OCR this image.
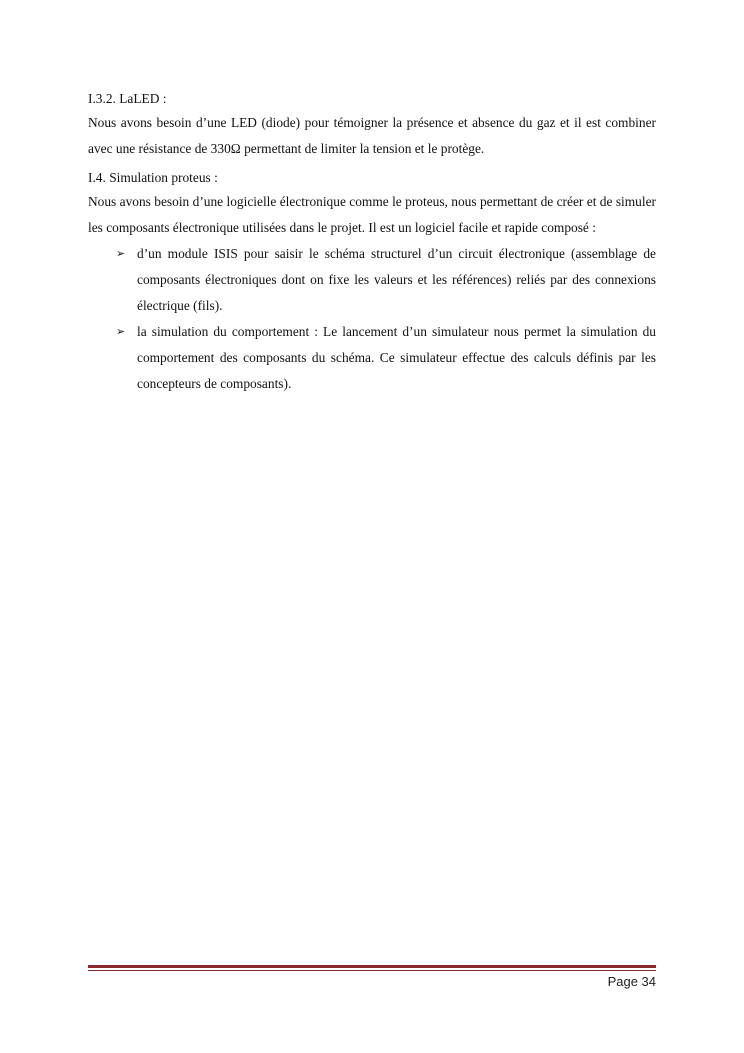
I.3.2. LaLED :

Nous avons besoin d’une LED (diode) pour témoigner la présence et absence du gaz et il est combiner avec une résistance de 330Ω permettant de limiter la tension et le protège.

I.4. Simulation proteus :

Nous avons besoin d’une logicielle électronique comme le proteus, nous permettant de créer et de simuler les composants électronique utilisées dans le projet. Il est un logiciel facile et rapide composé :

➢ d’un module ISIS pour saisir le schéma structurel d’un circuit électronique (assemblage de composants électroniques dont on fixe les valeurs et les références) reliés par des connexions électrique (fils).
➢ la simulation du comportement : Le lancement d’un simulateur nous permet la simulation du comportement des composants du schéma. Ce simulateur effectue des calculs définis par les concepteurs de composants).
Page 34
